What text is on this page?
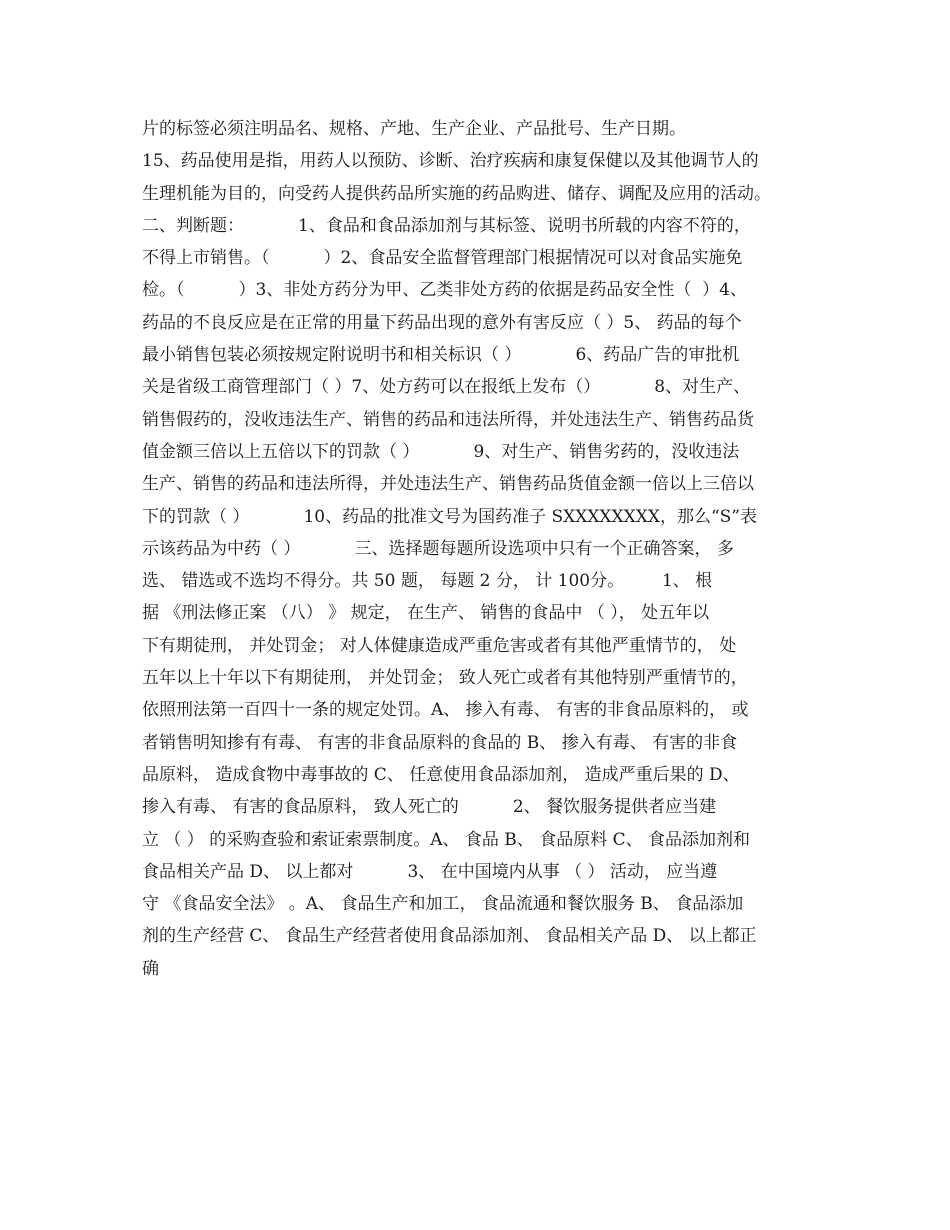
片的标签必须注明品名、规格、产地、生产企业、产品批号、生产日期。
15、药品使用是指，用药人以预防、诊断、治疗疾病和康复保健以及其他调节人的
生理机能为目的，向受药人提供药品所实施的药品购进、储存、调配及应用的活动。
二、判断题：          1、食品和食品添加剂与其标签、说明书所载的内容不符的，
不得上市销售。（          ）2、食品安全监督管理部门根据情况可以对食品实施免
检。（          ）3、非处方药分为甲、乙类非处方药的依据是药品安全性（  ）4、
药品的不良反应是在正常的用量下药品出现的意外有害反应（ ）5、 药品的每个
最小销售包装必须按规定附说明书和相关标识（ ）          6、药品广告的审批机
关是省级工商管理部门（ ）7、处方药可以在报纸上发布（）          8、对生产、
销售假药的，没收违法生产、销售的药品和违法所得，并处违法生产、销售药品货
值金额三倍以上五倍以下的罚款（ ）          9、对生产、销售劣药的，没收违法
生产、销售的药品和违法所得，并处违法生产、销售药品货值金额一倍以上三倍以
下的罚款（ ）          10、药品的批准文号为国药准子 SXXXXXXXX，那么“S”表
示该药品为中药（ ）          三、选择题每题所设选项中只有一个正确答案， 多
选、 错选或不选均不得分。共 50 题， 每题 2 分， 计 100分。       1、 根
据 《刑法修正案 （八） 》 规定， 在生产、 销售的食品中 （ ）， 处五年以
下有期徒刑， 并处罚金； 对人体健康造成严重危害或者有其他严重情节的， 处
五年以上十年以下有期徒刑， 并处罚金； 致人死亡或者有其他特别严重情节的，
依照刑法第一百四十一条的规定处罚。A、 掺入有毒、 有害的非食品原料的， 或
者销售明知掺有有毒、 有害的非食品原料的食品的 B、 掺入有毒、 有害的非食
品原料， 造成食物中毒事故的 C、 任意使用食品添加剂， 造成严重后果的 D、
掺入有毒、 有害的食品原料， 致人死亡的          2、 餐饮服务提供者应当建
立 （ ） 的采购查验和索证索票制度。A、 食品 B、 食品原料 C、 食品添加剂和
食品相关产品 D、 以上都对          3、 在中国境内从事 （ ） 活动， 应当遵
守 《食品安全法》 。A、 食品生产和加工， 食品流通和餐饮服务 B、 食品添加
剂的生产经营 C、 食品生产经营者使用食品添加剂、 食品相关产品 D、 以上都正
确
